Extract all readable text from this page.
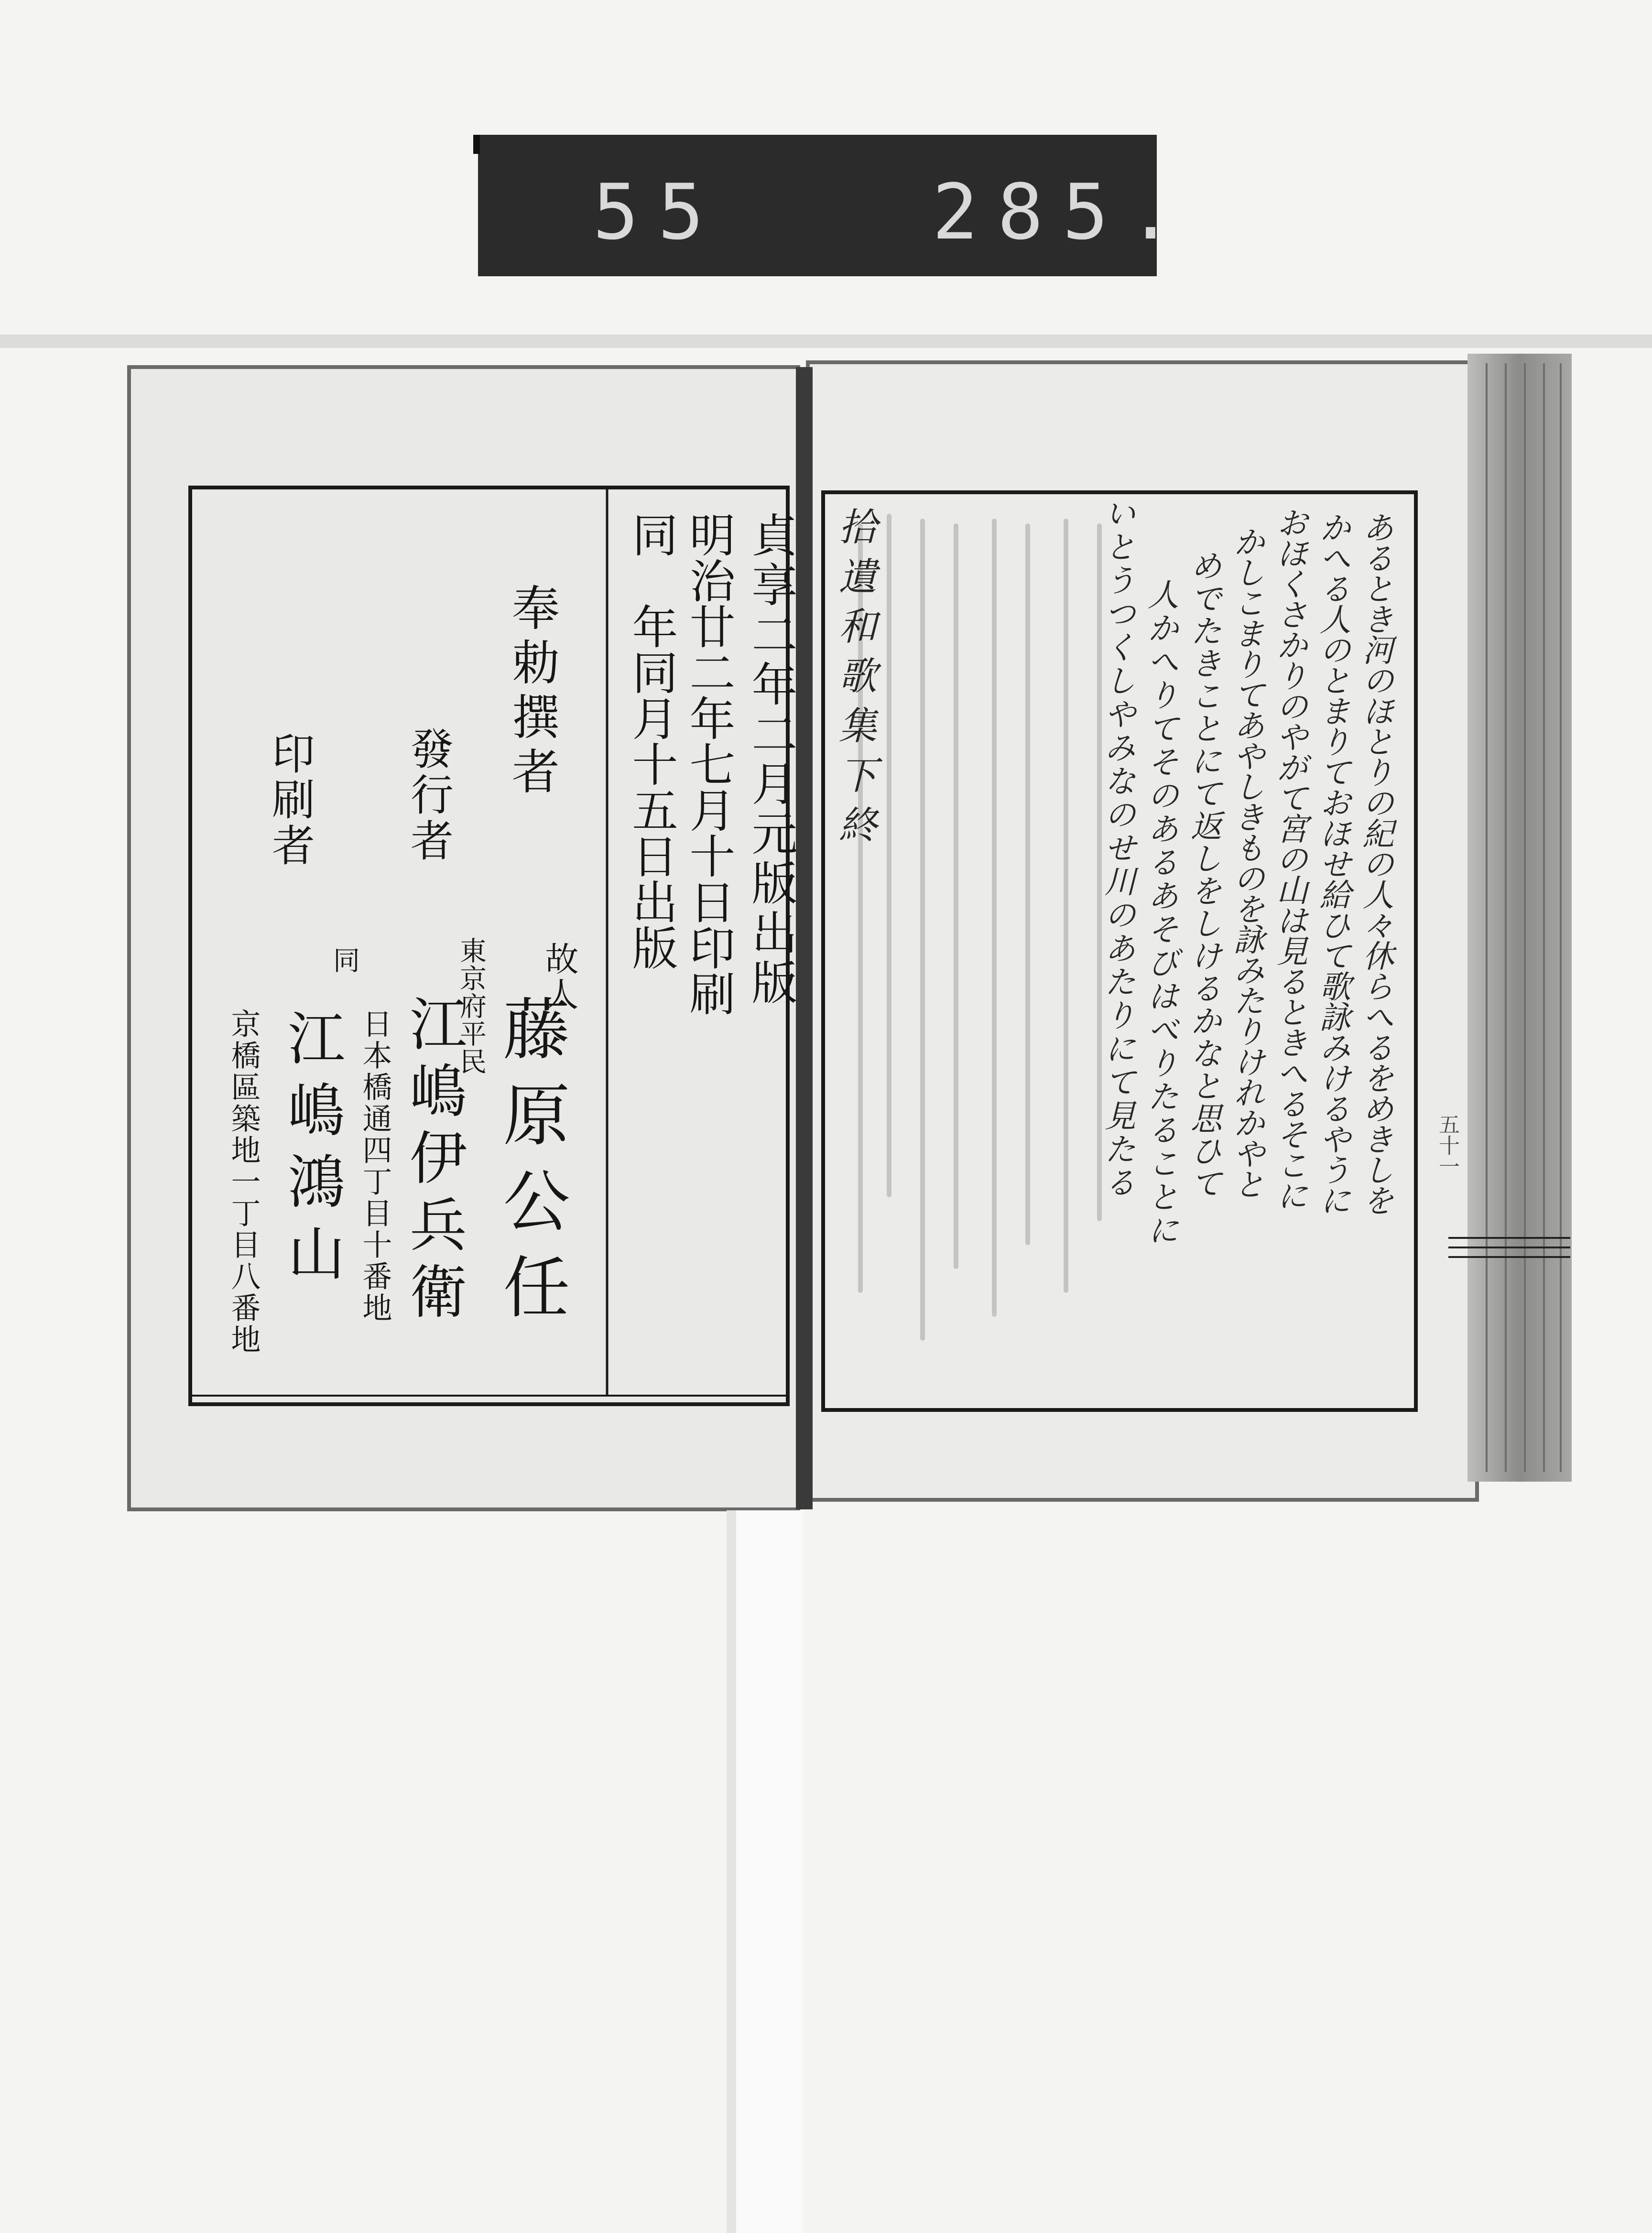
55	285.
貞享二年二月元版出版
明治廿二年七月十日印刷
同　年同月十五日出版
奉勅撰者
故人
藤原公任
發行者
東京府平民
江嶋伊兵衛
日本橋通四丁目十番地
印刷者
同
江嶋鴻山
京橋區築地一丁目八番地
拾遺和歌集下終	あるとき河のほとりの紀の人々休らへるをめきしを
かへる人のとまりておほせ給ひて歌詠みけるやうに
おほくさかりのやがて宮の山は見るときへるそこに
かしこまりてあやしきものを詠みたりけれかやと
めでたきことにて返しをしけるかなと思ひて
人かへりてそのあるあそびはべりたることに
いとうつくしやみなのせ川のあたりにて見たる	五十一
